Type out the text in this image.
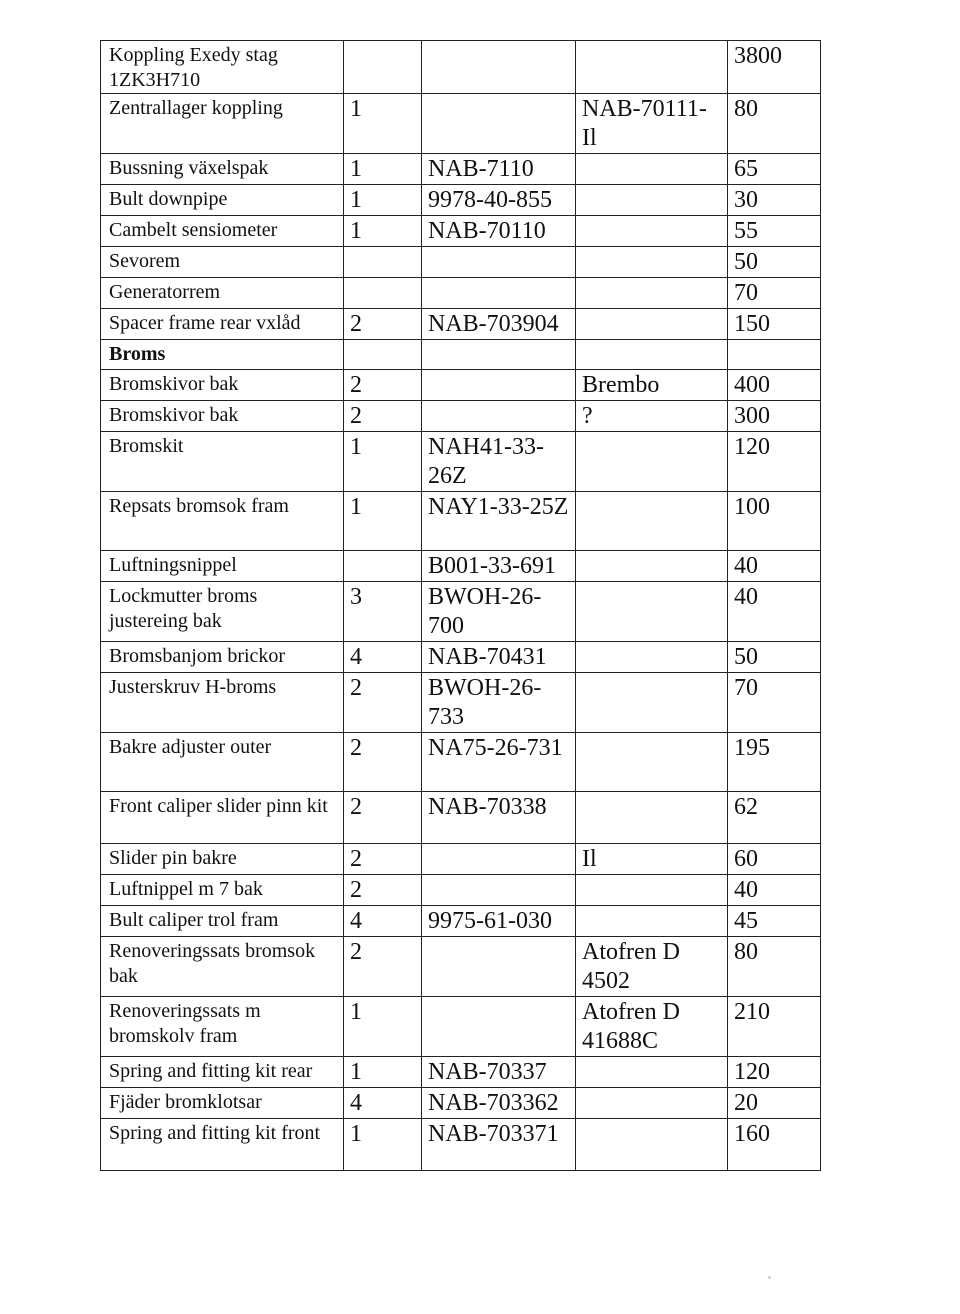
Koppling Exedy stag 1ZK3H710				3800
Zentrallager koppling	1		NAB-70111-Il	80
Bussning växelspak	1	NAB-7110		65
Bult downpipe	1	9978-40-855		30
Cambelt sensiometer	1	NAB-70110		55
Sevorem				50
Generatorrem				70
Spacer frame rear vxlåd	2	NAB-703904		150
Broms				
Bromskivor bak	2		Brembo	400
Bromskivor bak	2		?	300
Bromskit	1	NAH41-33-26Z		120
Repsats bromsok fram	1	NAY1-33-25Z		100
Luftningsnippel		B001-33-691		40
Lockmutter broms justereing bak	3	BWOH-26-700		40
Bromsbanjom brickor	4	NAB-70431		50
Justerskruv H-broms	2	BWOH-26-733		70
Bakre adjuster outer	2	NA75-26-731		195
Front caliper slider pinn kit	2	NAB-70338		62
Slider pin bakre	2		Il	60
Luftnippel m 7 bak	2			40
Bult caliper trol fram	4	9975-61-030		45
Renoveringssats bromsok bak	2		Atofren D 4502	80
Renoveringssats m bromskolv fram	1		Atofren D 41688C	210
Spring and fitting kit rear	1	NAB-70337		120
Fjäder bromklotsar	4	NAB-703362		20
Spring and fitting kit front	1	NAB-703371		160
